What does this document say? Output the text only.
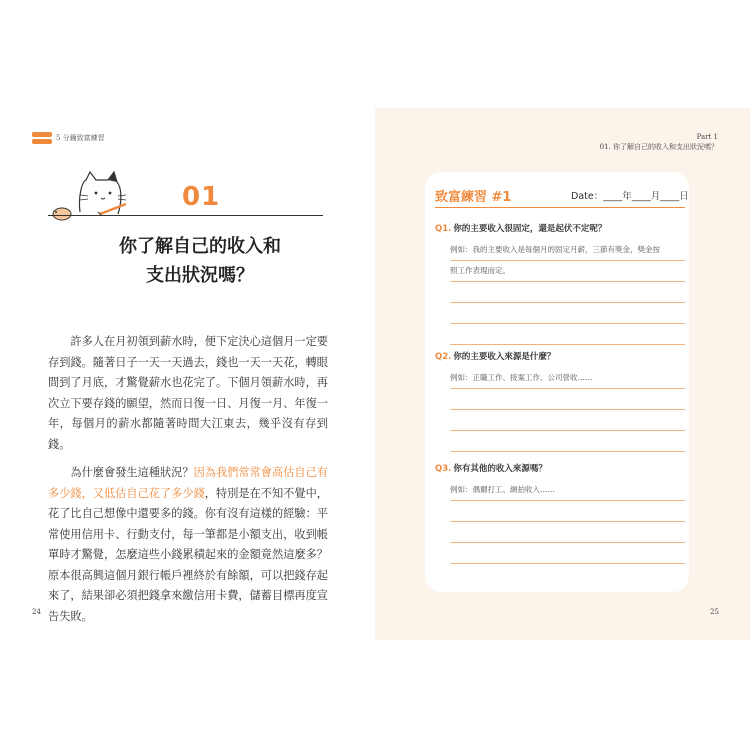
5 分鐘致富練習
01
你了解自己的收入和
支出狀況嗎？

許多人在月初領到薪水時，便下定決心這個月一定要存到錢。隨著日子一天一天過去，錢也一天一天花，轉眼間到了月底，才驚覺薪水也花完了。下個月領薪水時，再次立下要存錢的願望，然而日復一日、月復一月、年復一年，每個月的薪水都隨著時間大江東去，幾乎沒有存到錢。

為什麼會發生這種狀況？因為我們常常會高估自己有多少錢，又低估自己花了多少錢，特別是在不知不覺中，花了比自己想像中還要多的錢。你有沒有這樣的經驗：平常使用信用卡、行動支付，每一筆都是小額支出，收到帳單時才驚覺，怎麼這些小錢累積起來的金額竟然這麼多？原本很高興這個月銀行帳戶裡終於有餘額，可以把錢存起來了，結果卻必須把錢拿來繳信用卡費，儲蓄目標再度宣告失敗。

24
Part 1
01. 你了解自己的收入和支出狀況嗎？
致富練習 #1	Date：____年____月____日
Q1. 你的主要收入很固定，還是起伏不定呢？
例如：我的主要收入是每個月的固定月薪，三節有獎金，獎金按
照工作表現而定。
Q2. 你的主要收入來源是什麼？
例如：正職工作、接案工作、公司營收……
Q3. 你有其他的收入來源嗎？
例如：偶爾打工、網拍收入……
25
